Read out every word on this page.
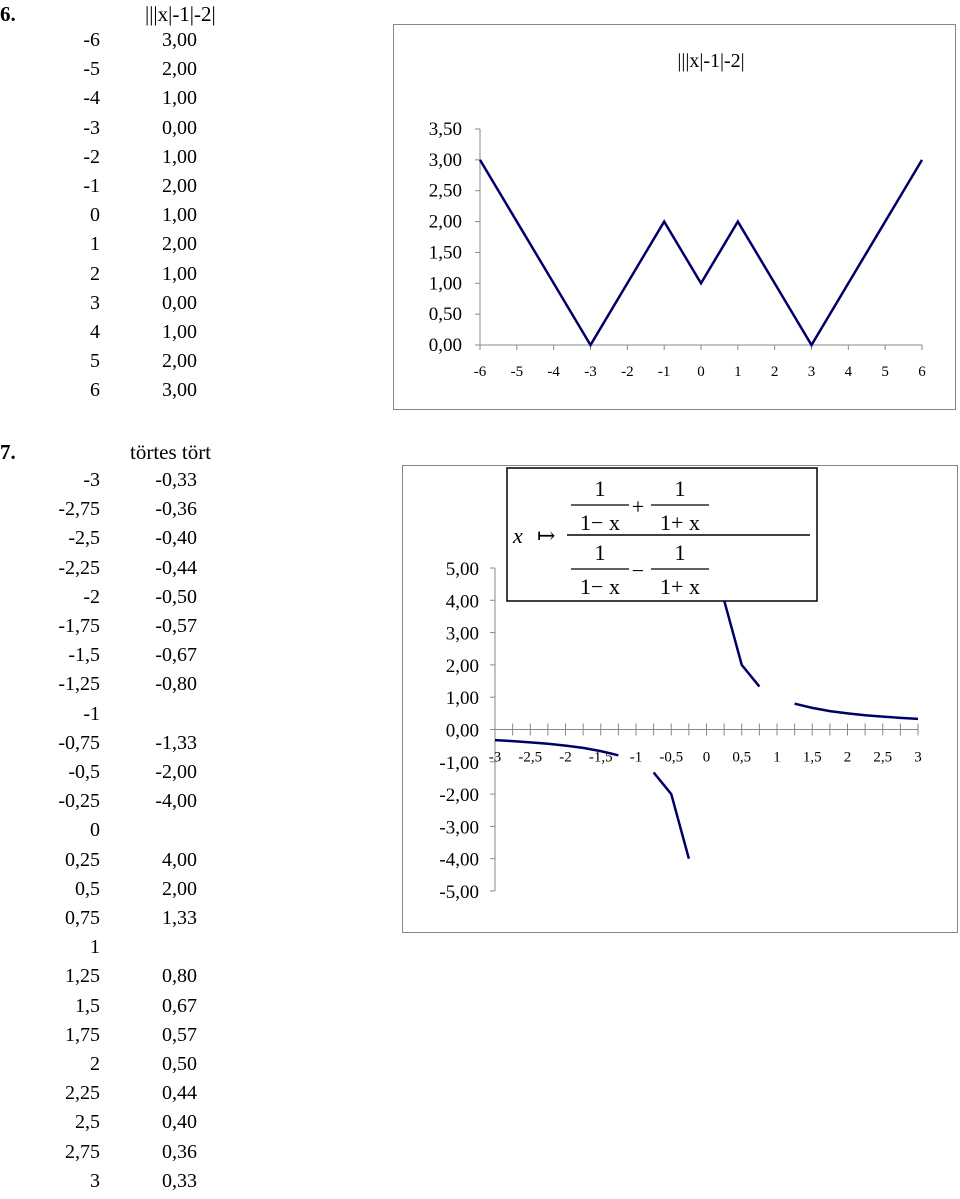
6.	|||x|-1|-2|
-6	3,00
-5	2,00
-4	1,00
-3	0,00
-2	1,00
-1	2,00
0	1,00
1	2,00
2	1,00
3	0,00
4	1,00
5	2,00
6	3,00
|||x|-1|-2|
0,00
0,50
1,00
1,50
2,00
2,50
3,00
3,50
-6 -5 -4 -3 -2 -1 0 1 2 3 4 5 6
7.	törtes tört
-3	-0,33
-2,75	-0,36
-2,5	-0,40
-2,25	-0,44
-2	-0,50
-1,75	-0,57
-1,5	-0,67
-1,25	-0,80
-1
-0,75	-1,33
-0,5	-2,00
-0,25	-4,00
0
0,25	4,00
0,5	2,00
0,75	1,33
1
1,25	0,80
1,5	0,67
1,75	0,57
2	0,50
2,25	0,44
2,5	0,40
2,75	0,36
3	0,33
-5,00
-4,00
-3,00
-2,00
-1,00
0,00
1,00
2,00
3,00
4,00
5,00
-3 -2,5 -2 -1,5 -1 -0,5 0 0,5 1 1,5 2 2,5 3
x ↦
1
1− x
+
1
1+ x
1
1− x
−
1
1+ x
